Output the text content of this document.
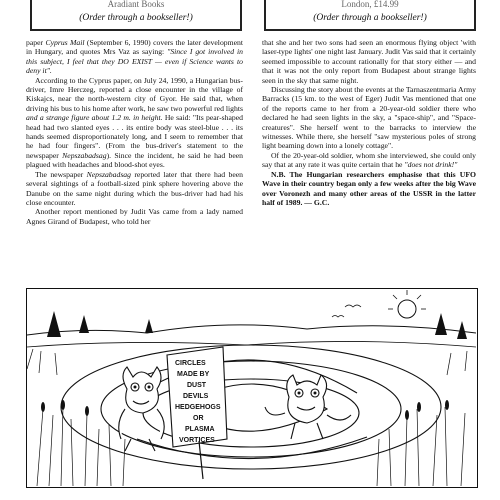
Aradiant Books
(Order through a bookseller!)
London, £14.99
(Order through a bookseller!)

paper Cyprus Mail (September 6, 1990) covers the later development in Hungary, and quotes Mrs Vaz as saying: "Since I got involved in this subject, I feel that they DO EXIST — even if Science wants to deny it".

According to the Cyprus paper, on July 24, 1990, a Hungarian bus-driver, Imre Herczeg, reported a close encounter in the village of Kiskajcs, near the north-western city of Gyor. He said that, when driving his bus to his home after work, he saw two powerful red lights and a strange figure about 1.2 m. in height. He said: "Its pear-shaped head had two slanted eyes . . . its entire body was steel-blue . . . its hands seemed disproportionately long, and I seem to remember that he had four fingers". (From the bus-driver's statement to the newspaper Nepszabadsag). Since the incident, he said he had been plagued with headaches and blood-shot eyes.

The newspaper Nepszabadsag reported later that there had been several sightings of a football-sized pink sphere hovering above the Danube on the same night during which the bus-driver had had his close encounter.

Another report mentioned by Judit Vas came from a lady named Agnes Girand of Budapest, who told her

that she and her two sons had seen an enormous flying object 'with laser-type lights' one night last January. Judit Vas said that it certainly seemed impossible to account rationally for that story either — and that it was not the only report from Budapest about strange lights seen in the sky that same night.

Discussing the story about the events at the Tarnaszentmaria Army Barracks (15 km. to the west of Eger) Judit Vas mentioned that one of the reports came to her from a 20-year-old soldier there who declared he had seen lights in the sky, a "space-ship", and "Space-creatures". She herself went to the barracks to interview the witnesses. While there, she herself "saw mysterious poles of strong light beaming down into a lonely cottage".

Of the 20-year-old soldier, whom she interviewed, she could only say that at any rate it was quite certain that he "does not drink!"

N.B. The Hungarian researchers emphasise that this UFO Wave in their country began only a few weeks after the big Wave over Voronezh and many other areas of the USSR in the latter half of 1989. — G.C.

CIRCLES
MADE BY
DUST
DEVILS
HEDGEHOGS
OR
PLASMA
VORTICES
